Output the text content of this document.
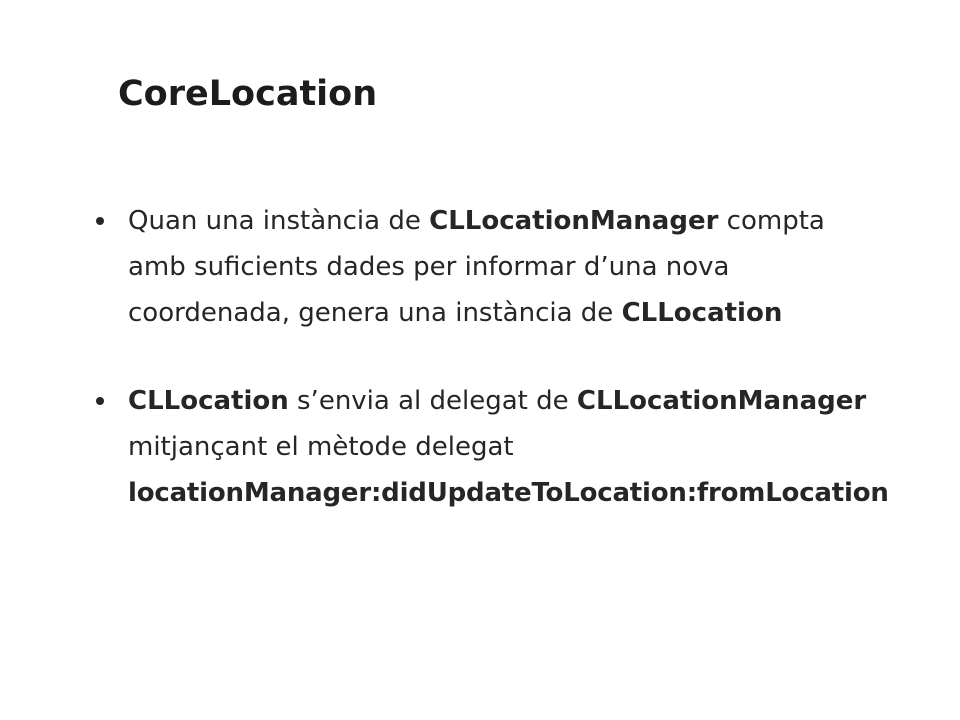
CoreLocation
Quan una instància de CLLocationManager compta
amb suficients dades per informar d’una nova
coordenada, genera una instància de CLLocation
CLLocation s’envia al delegat de CLLocationManager
mitjançant el mètode delegat
locationManager:didUpdateToLocation:fromLocation
